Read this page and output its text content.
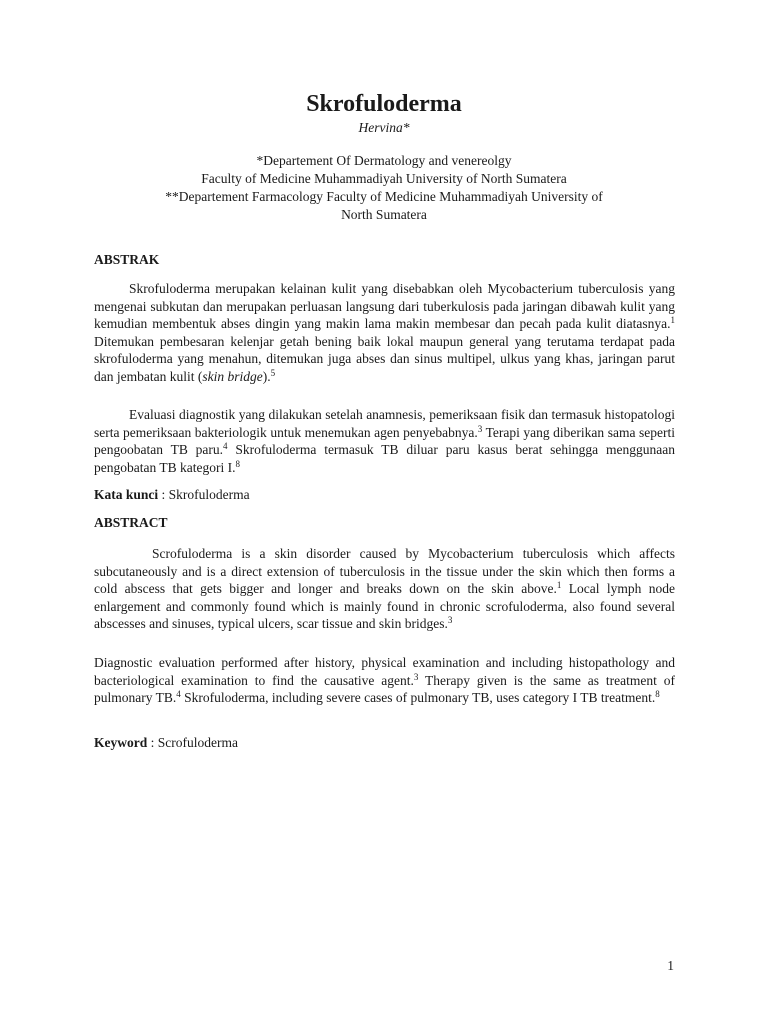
Skrofuloderma
Hervina*
*Departement Of Dermatology and venereolgy
Faculty of Medicine Muhammadiyah University of North Sumatera
**Departement Farmacology Faculty of Medicine Muhammadiyah University of
North Sumatera
ABSTRAK

Skrofuloderma merupakan kelainan kulit yang disebabkan oleh Mycobacterium tuberculosis yang mengenai subkutan dan merupakan perluasan langsung dari tuberkulosis pada jaringan dibawah kulit yang kemudian membentuk abses dingin yang makin lama makin membesar dan pecah pada kulit diatasnya.$^1$ Ditemukan pembesaran kelenjar getah bening baik lokal maupun general yang terutama terdapat pada skrofuloderma yang menahun, ditemukan juga abses dan sinus multipel, ulkus yang khas, jaringan parut dan jembatan kulit (skin bridge).$^5$

Evaluasi diagnostik yang dilakukan setelah anamnesis, pemeriksaan fisik dan termasuk histopatologi serta pemeriksaan bakteriologik untuk menemukan agen penyebabnya.$^3$ Terapi yang diberikan sama seperti pengoobatan TB paru.$^4$ Skrofuloderma termasuk TB diluar paru kasus berat sehingga menggunaan pengobatan TB kategori I.$^8$

Kata kunci : Skrofuloderma

ABSTRACT

Scrofuloderma is a skin disorder caused by Mycobacterium tuberculosis which affects subcutaneously and is a direct extension of tuberculosis in the tissue under the skin which then forms a cold abscess that gets bigger and longer and breaks down on the skin above.$^1$ Local lymph node enlargement and commonly found which is mainly found in chronic scrofuloderma, also found several abscesses and sinuses, typical ulcers, scar tissue and skin bridges.$^3$

Diagnostic evaluation performed after history, physical examination and including histopathology and bacteriological examination to find the causative agent.$^3$ Therapy given is the same as treatment of pulmonary TB.$^4$ Skrofuloderma, including severe cases of pulmonary TB, uses category I TB treatment.$^8$

Keyword : Scrofuloderma

1
